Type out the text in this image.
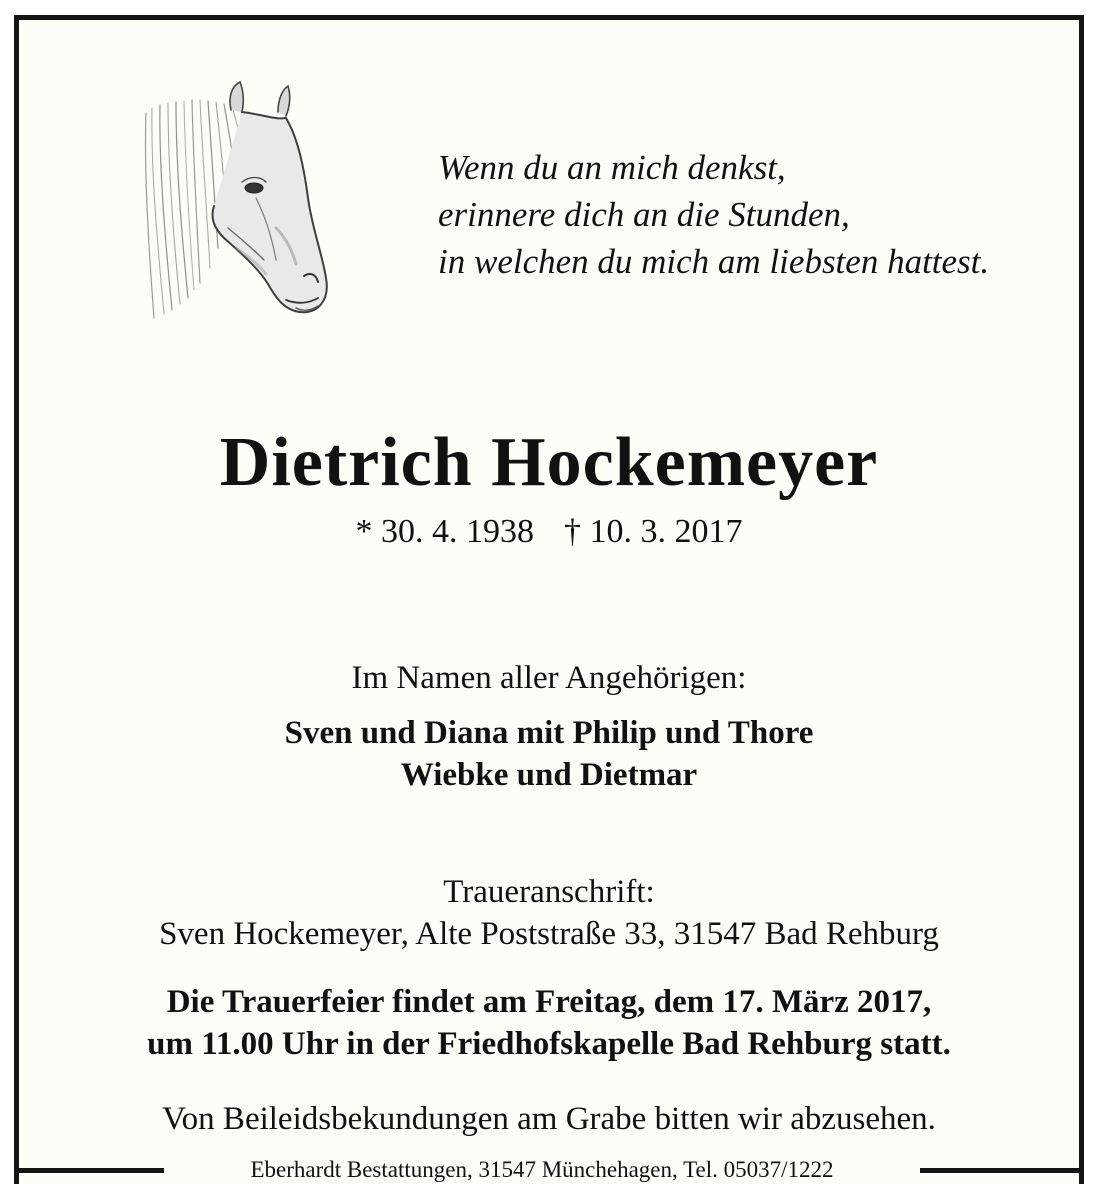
Wenn du an mich denkst,
erinnere dich an die Stunden,
in welchen du mich am liebsten hattest.
Dietrich Hockemeyer
* 30. 4. 1938 † 10. 3. 2017
Im Namen aller Angehörigen:
Sven und Diana mit Philip und Thore
Wiebke und Dietmar
Traueranschrift:
Sven Hockemeyer, Alte Poststraße 33, 31547 Bad Rehburg
Die Trauerfeier findet am Freitag, dem 17. März 2017,
um 11.00 Uhr in der Friedhofskapelle Bad Rehburg statt.
Von Beileidsbekundungen am Grabe bitten wir abzusehen.
Eberhardt Bestattungen, 31547 Münchehagen, Tel. 05037/1222
